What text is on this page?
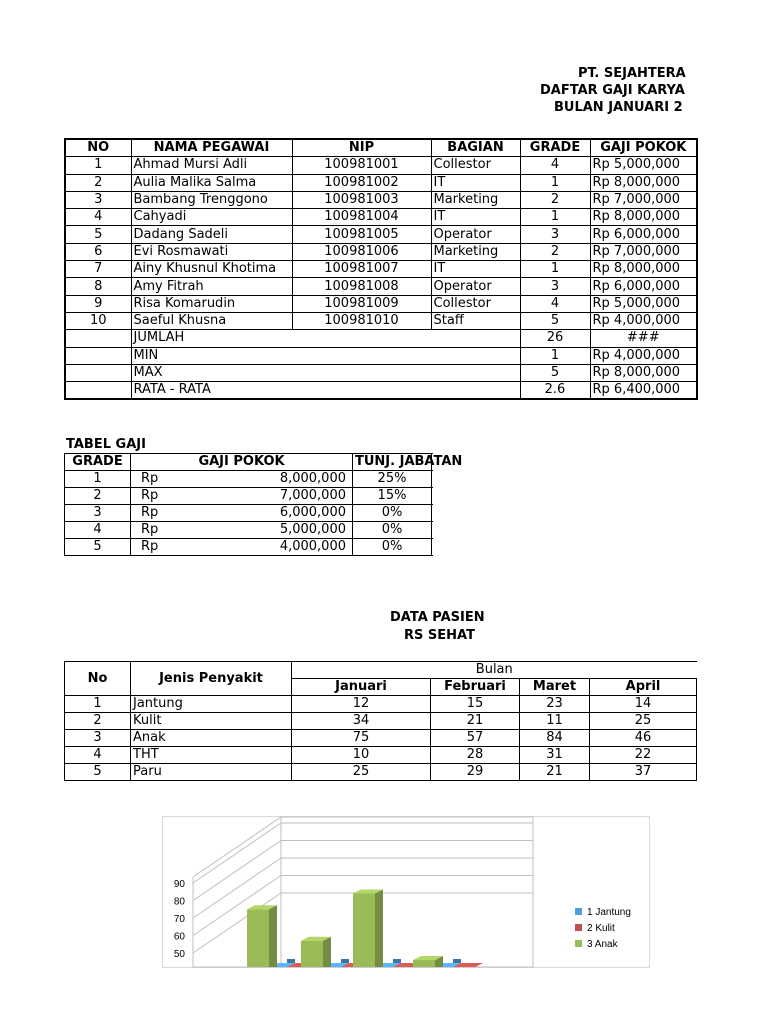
PT. SEJAHTERA
DAFTAR GAJI KARYA
BULAN JANUARI 2
NO	NAMA PEGAWAI	NIP	BAGIAN	GRADE	GAJI POKOK
1	Ahmad Mursi Adli	100981001	Collestor	4	Rp 5,000,000
2	Aulia Malika Salma	100981002	IT	1	Rp 8,000,000
3	Bambang Trenggono	100981003	Marketing	2	Rp 7,000,000
4	Cahyadi	100981004	IT	1	Rp 8,000,000
5	Dadang Sadeli	100981005	Operator	3	Rp 6,000,000
6	Evi Rosmawati	100981006	Marketing	2	Rp 7,000,000
7	Ainy Khusnul Khotima	100981007	IT	1	Rp 8,000,000
8	Amy Fitrah	100981008	Operator	3	Rp 6,000,000
9	Risa Komarudin	100981009	Collestor	4	Rp 5,000,000
10	Saeful Khusna	100981010	Staff	5	Rp 4,000,000
	JUMLAH			26	###
	MIN			1	Rp 4,000,000
	MAX			5	Rp 8,000,000
	RATA - RATA			2.6	Rp 6,400,000
TABEL GAJI
GRADE	GAJI POKOK		TUNJ. JABATAN
1	Rp	8,000,000	25%
2	Rp	7,000,000	15%
3	Rp	6,000,000	0%
4	Rp	5,000,000	0%
5	Rp	4,000,000	0%
DATA PASIEN
RS SEHAT
No	Jenis Penyakit	Bulan			
		Januari	Februari	Maret	April
1	Jantung	12	15	23	14
2	Kulit	34	21	11	25
3	Anak	75	57	84	46
4	THT	10	28	31	22
5	Paru	25	29	21	37
90
80
70
60
50
1 Jantung
2 Kulit
3 Anak
